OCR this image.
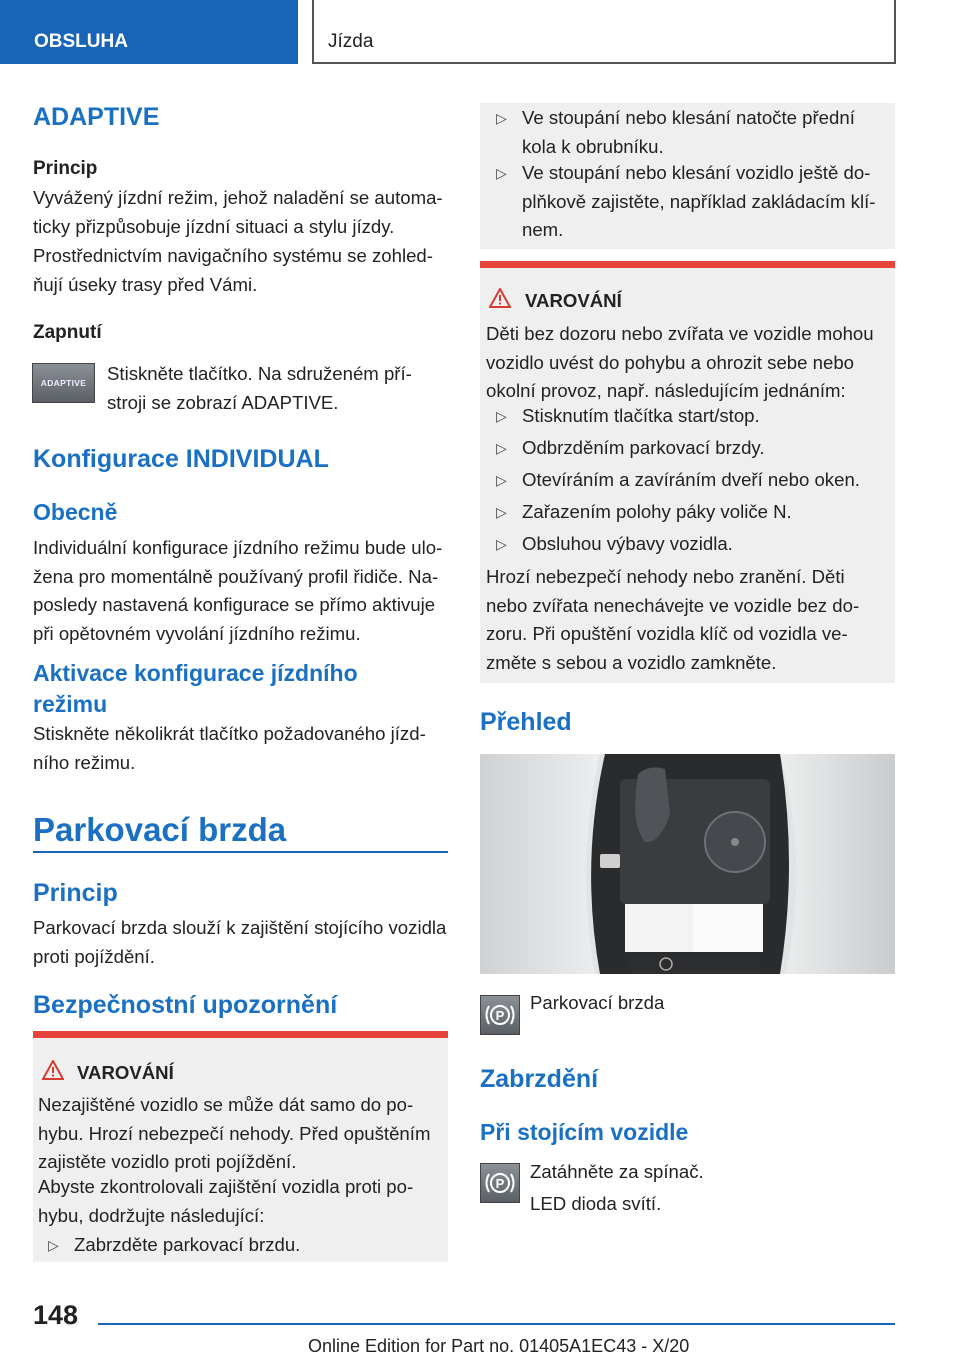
OBSLUHA	Jízda
ADAPTIVE
Princip
Vyvážený jízdní režim, jehož naladění se automa-
ticky přizpůsobuje jízdní situaci a stylu jízdy.
Prostřednictvím navigačního systému se zohled-
ňují úseky trasy před Vámi.
Zapnutí
ADAPTIVE	Stiskněte tlačítko. Na sdruženém pří-
stroji se zobrazí ADAPTIVE.
Konfigurace INDIVIDUAL
Obecně
Individuální konfigurace jízdního režimu bude ulo-
žena pro momentálně používaný profil řidiče. Na-
posledy nastavená konfigurace se přímo aktivuje
při opětovném vyvolání jízdního režimu.
Aktivace konfigurace jízdního
režimu
Stiskněte několikrát tlačítko požadovaného jízd-
ního režimu.
Parkovací brzda
Princip
Parkovací brzda slouží k zajištění stojícího vozidla
proti pojíždění.
Bezpečnostní upozornění
VAROVÁNÍ
Nezajištěné vozidlo se může dát samo do po-
hybu. Hrozí nebezpečí nehody. Před opuštěním
zajistěte vozidlo proti pojíždění.
Abyste zkontrolovali zajištění vozidla proti po-
hybu, dodržujte následující:
▷ Zabrzděte parkovací brzdu.
▷ Ve stoupání nebo klesání natočte přední
kola k obrubníku.
▷ Ve stoupání nebo klesání vozidlo ještě do-
plňkově zajistěte, například zakládacím klí-
nem.
VAROVÁNÍ
Děti bez dozoru nebo zvířata ve vozidle mohou
vozidlo uvést do pohybu a ohrozit sebe nebo
okolní provoz, např. následujícím jednáním:
▷ Stisknutím tlačítka start/stop.
▷ Odbrzděním parkovací brzdy.
▷ Otevíráním a zavíráním dveří nebo oken.
▷ Zařazením polohy páky voliče N.
▷ Obsluhou výbavy vozidla.
Hrozí nebezpečí nehody nebo zranění. Děti
nebo zvířata nenechávejte ve vozidle bez do-
zoru. Při opuštění vozidla klíč od vozidla ve-
změte s sebou a vozidlo zamkněte.
Přehled
P
Parkovací brzda
Zabrzdění
Při stojícím vozidle
P
Zatáhněte za spínač.
LED dioda svítí.
148
Online Edition for Part no. 01405A1EC43 - X/20
